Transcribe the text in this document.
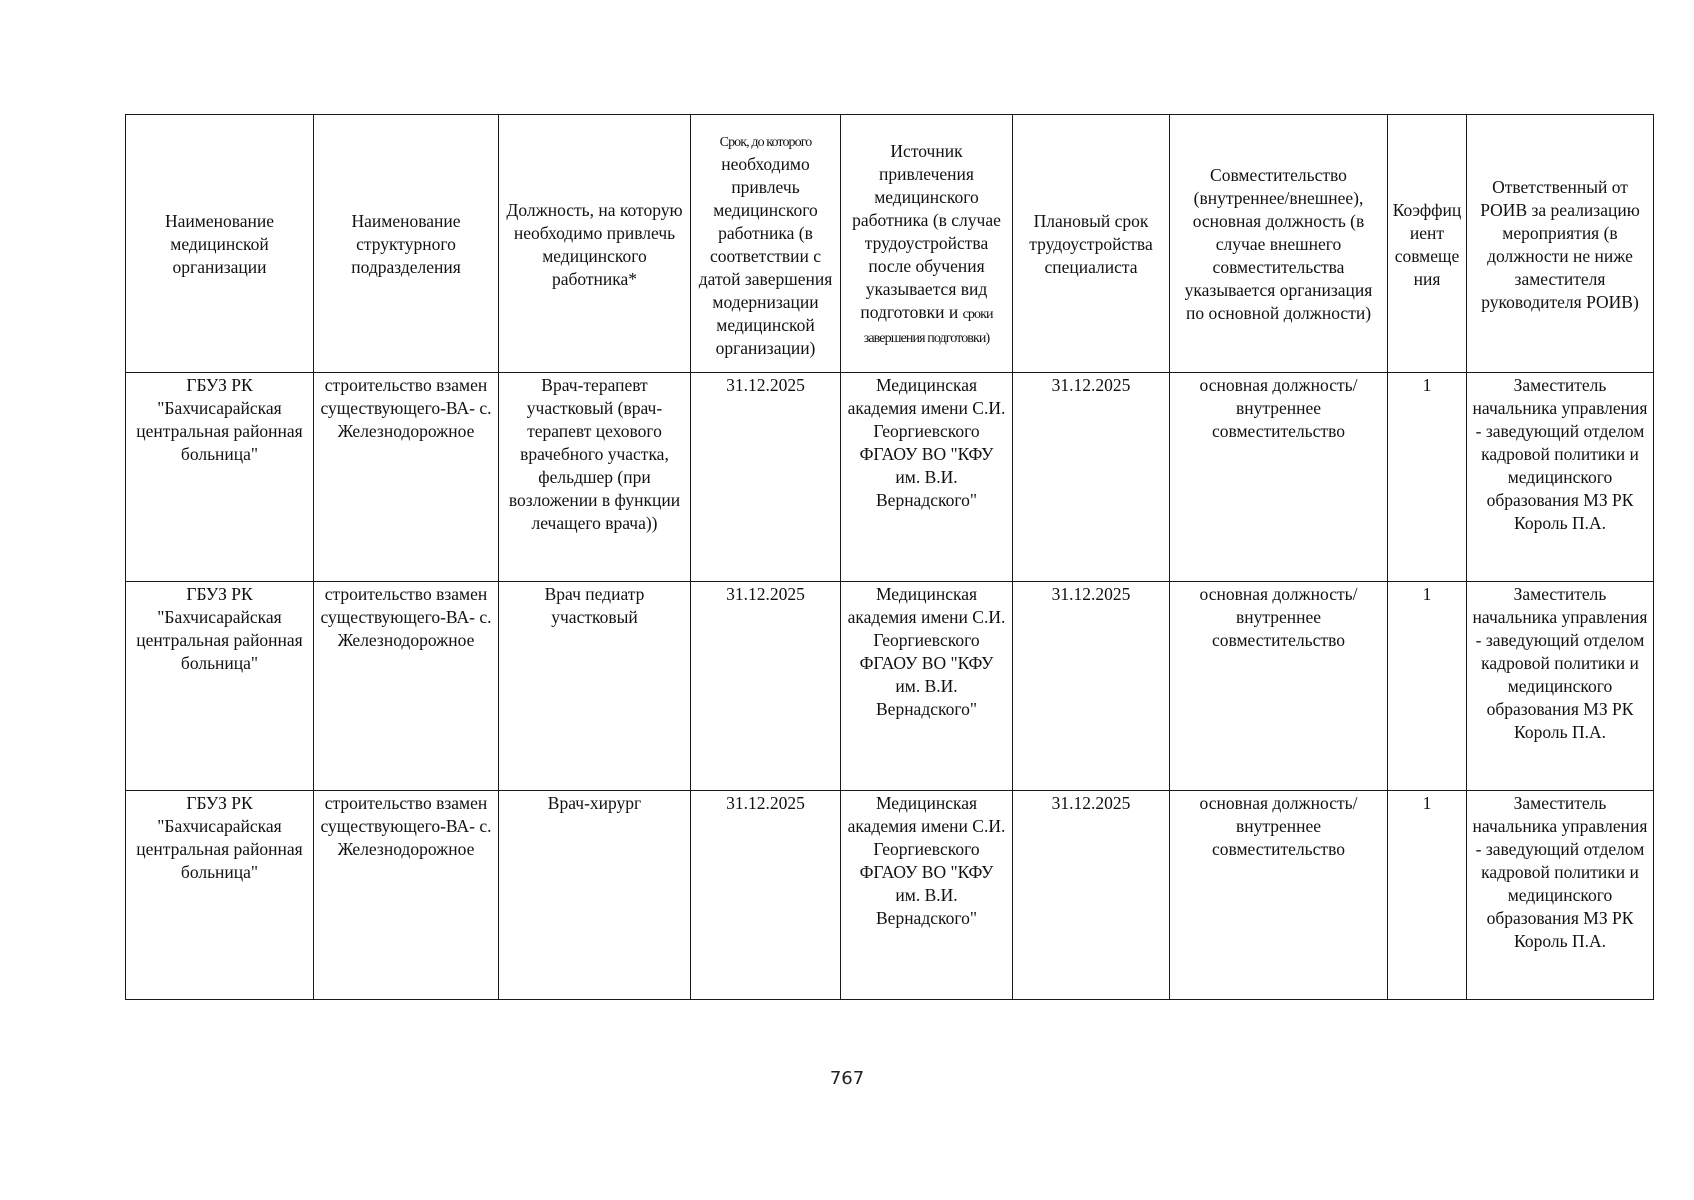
Наименование медицинской организации	Наименование структурного подразделения	Должность, на которую необходимо привлечь медицинского работника*	Срок, до которого необходимо привлечь медицинского работника (в соответствии с датой завершения модернизации медицинской организации)	Источник привлечения медицинского работника (в случае трудоустройства после обучения указывается вид подготовки и сроки завершения подготовки)	Плановый срок трудоустройства специалиста	Совместительство (внутреннее/внешнее), основная должность (в случае внешнего совместительства указывается организация по основной должности)	Коэффициент совмещения	Ответственный от РОИВ за реализацию мероприятия (в должности не ниже заместителя руководителя РОИВ)
ГБУЗ РК "Бахчисарайская центральная районная больница"	строительство взамен существующего-ВА- с. Железнодорожное	Врач-терапевт участковый (врач-терапевт цехового врачебного участка, фельдшер (при возложении в функции лечащего врача))	31.12.2025	Медицинская академия имени С.И. Георгиевского ФГАОУ ВО "КФУ им. В.И. Вернадского"	31.12.2025	основная должность/ внутреннее совместительство	1	Заместитель начальника управления - заведующий отделом кадровой политики и медицинского образования МЗ РК Король П.А.
ГБУЗ РК "Бахчисарайская центральная районная больница"	строительство взамен существующего-ВА- с. Железнодорожное	Врач педиатр участковый	31.12.2025	Медицинская академия имени С.И. Георгиевского ФГАОУ ВО "КФУ им. В.И. Вернадского"	31.12.2025	основная должность/ внутреннее совместительство	1	Заместитель начальника управления - заведующий отделом кадровой политики и медицинского образования МЗ РК Король П.А.
ГБУЗ РК "Бахчисарайская центральная районная больница"	строительство взамен существующего-ВА- с. Железнодорожное	Врач-хирург	31.12.2025	Медицинская академия имени С.И. Георгиевского ФГАОУ ВО "КФУ им. В.И. Вернадского"	31.12.2025	основная должность/ внутреннее совместительство	1	Заместитель начальника управления - заведующий отделом кадровой политики и медицинского образования МЗ РК Король П.А.
767
